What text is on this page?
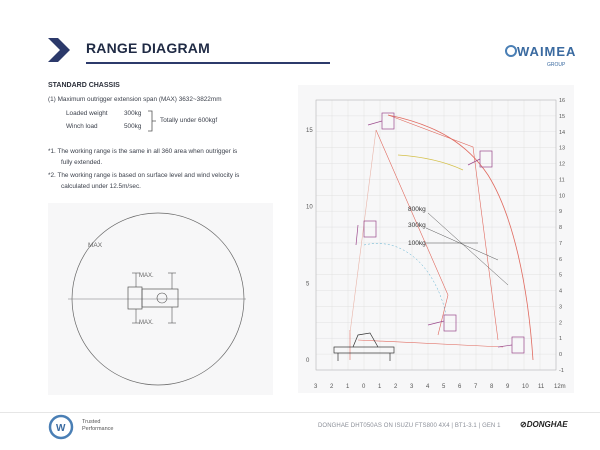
RANGE DIAGRAM	WAIMEA
GROUP
STANDARD CHASSIS
(1) Maximum outrigger extension span (MAX) 3632~3822mm
Loaded weight	300kg
Winch load	500kg
Totally under 600kgf
*1. The working range is the same in all 360 area when outrigger is
fully extended.
*2. The working range is based on surface level and wind velocity is
calculated under 12.5m/sec.
MAX
MAX.
MAX.
3 2 1 0 1 2 3 4 5 6 7 8 9 10 11 12m
16
15
14
13
12
11
10
9
8
7
6
5
4
3
2
1
0
-1
15
10
5
0
800kg
300kg
100kg
W
Trusted
Performance	DONGHAE DHT050AS ON ISUZU FTS800 4X4 | BT1-3.1 | GEN 1 ⊘DONGHAE
